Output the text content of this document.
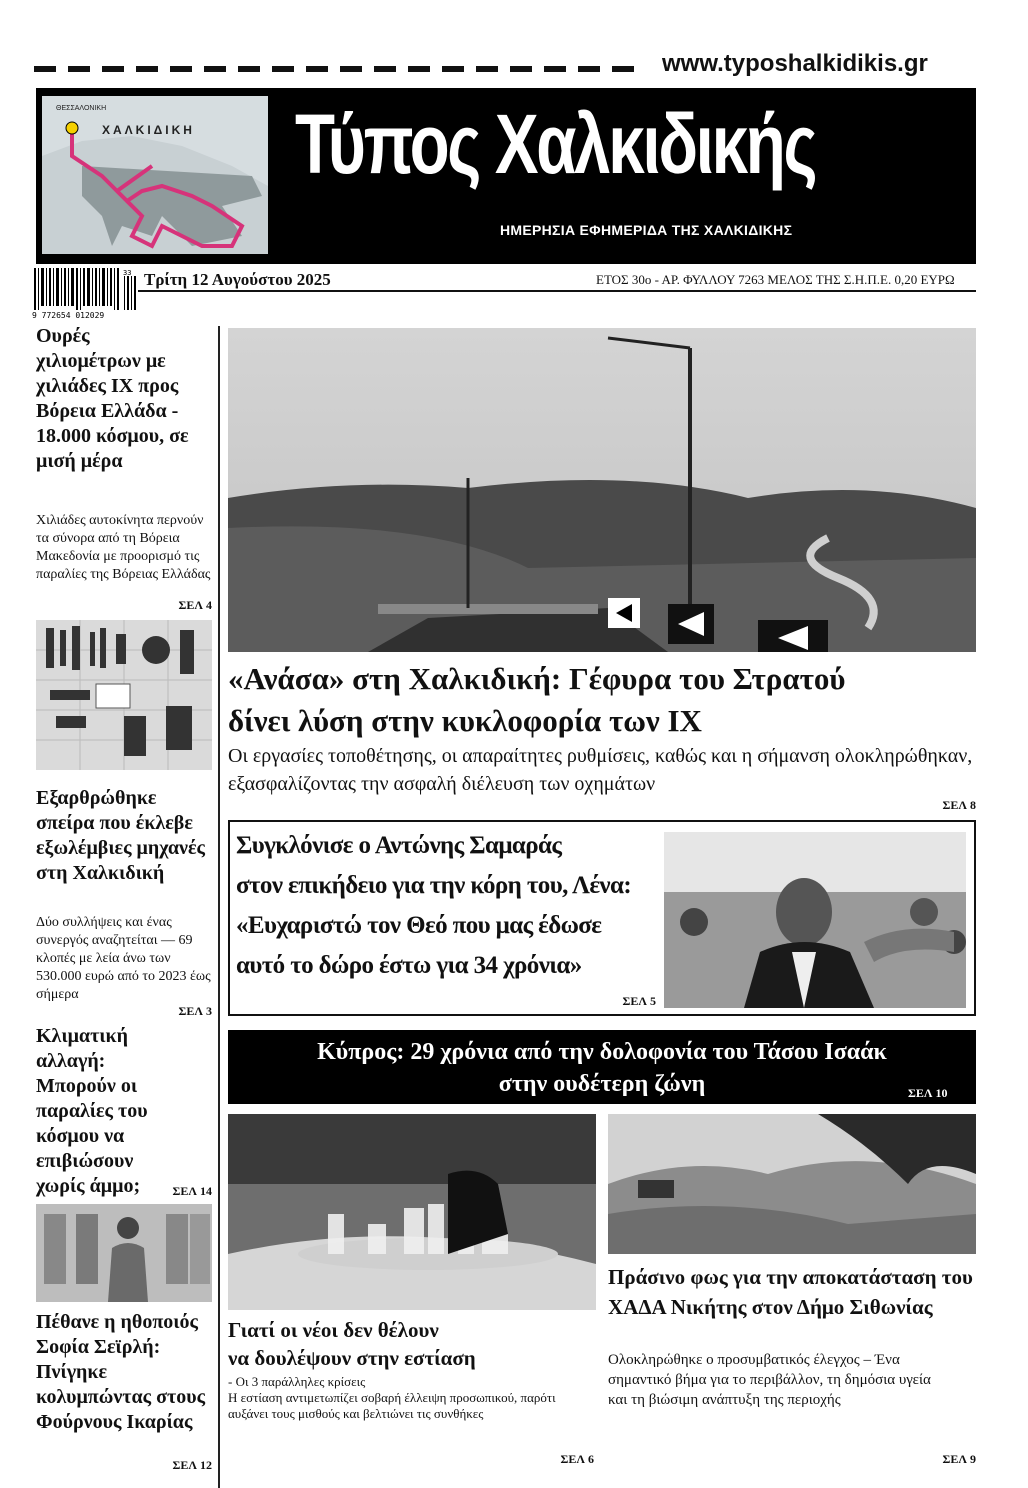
www.typoshalkidikis.gr
ΘΕΣΣΑΛΟΝΙΚΗ
ΧΑΛΚΙΔΙΚΗ Τύπος Χαλκιδικής
ΗΜΕΡΗΣΙΑ ΕΦΗΜΕΡΙΔΑ ΤΗΣ ΧΑΛΚΙΔΙΚΗΣ
9 772654 012029
33 Τρίτη 12 Αυγούστου 2025	ΕΤΟΣ 30ο - ΑΡ. ΦΥΛΛΟΥ 7263 ΜΕΛΟΣ ΤΗΣ Σ.Η.Π.Ε. 0,20 ΕΥΡΩ
Ουρές χιλιομέτρων με χιλιάδες ΙΧ προς Βόρεια Ελλάδα - 18.000 κόσμου, σε μισή μέρα
Χιλιάδες αυτοκίνητα περνούν τα σύνορα από τη Βόρεια Μακεδονία με προορισμό τις παραλίες της Βόρειας Ελλάδας
ΣΕΛ 4
Εξαρθρώθηκε σπείρα που έκλεβε εξωλέμβιες μηχανές στη Χαλκιδική
Δύο συλλήψεις και ένας συνεργός αναζητείται — 69 κλοπές με λεία άνω των 530.000 ευρώ από το 2023 έως σήμερα
ΣΕΛ 3
Κλιματική αλλαγή: Μπορούν οι παραλίες του κόσμου να επιβιώσουν χωρίς άμμο;	ΣΕΛ 14
Πέθανε η ηθοποιός Σοφία Σεϊρλή: Πνίγηκε κολυμπώντας στους Φούρνους Ικαρίας
ΣΕΛ 12
«Ανάσα» στη Χαλκιδική: Γέφυρα του Στρατού
δίνει λύση στην κυκλοφορία των ΙΧ
Οι εργασίες τοποθέτησης, οι απαραίτητες ρυθμίσεις, καθώς και η σήμανση ολοκληρώθηκαν, εξασφαλίζοντας την ασφαλή διέλευση των οχημάτων
ΣΕΛ 8
Συγκλόνισε ο Αντώνης Σαμαράς
στον επικήδειο για την κόρη του, Λένα:
«Ευχαριστώ τον Θεό που μας έδωσε
αυτό το δώρο έστω για 34 χρόνια»
ΣΕΛ 5
Κύπρος: 29 χρόνια από την δολοφονία του Τάσου Ισαάκ
στην ουδέτερη ζώνη	ΣΕΛ 10
Γιατί οι νέοι δεν θέλουν
να δουλέψουν στην εστίαση
- Οι 3 παράλληλες κρίσεις
Η εστίαση αντιμετωπίζει σοβαρή έλλειψη προσωπικού, παρότι αυξάνει τους μισθούς και βελτιώνει τις συνθήκες
ΣΕΛ 6
Πράσινο φως για την αποκατάσταση του ΧΑΔΑ Νικήτης στον Δήμο Σιθωνίας
Ολοκληρώθηκε ο προσυμβατικός έλεγχος – Ένα σημαντικό βήμα για το περιβάλλον, τη δημόσια υγεία και τη βιώσιμη ανάπτυξη της περιοχής
ΣΕΛ 9
